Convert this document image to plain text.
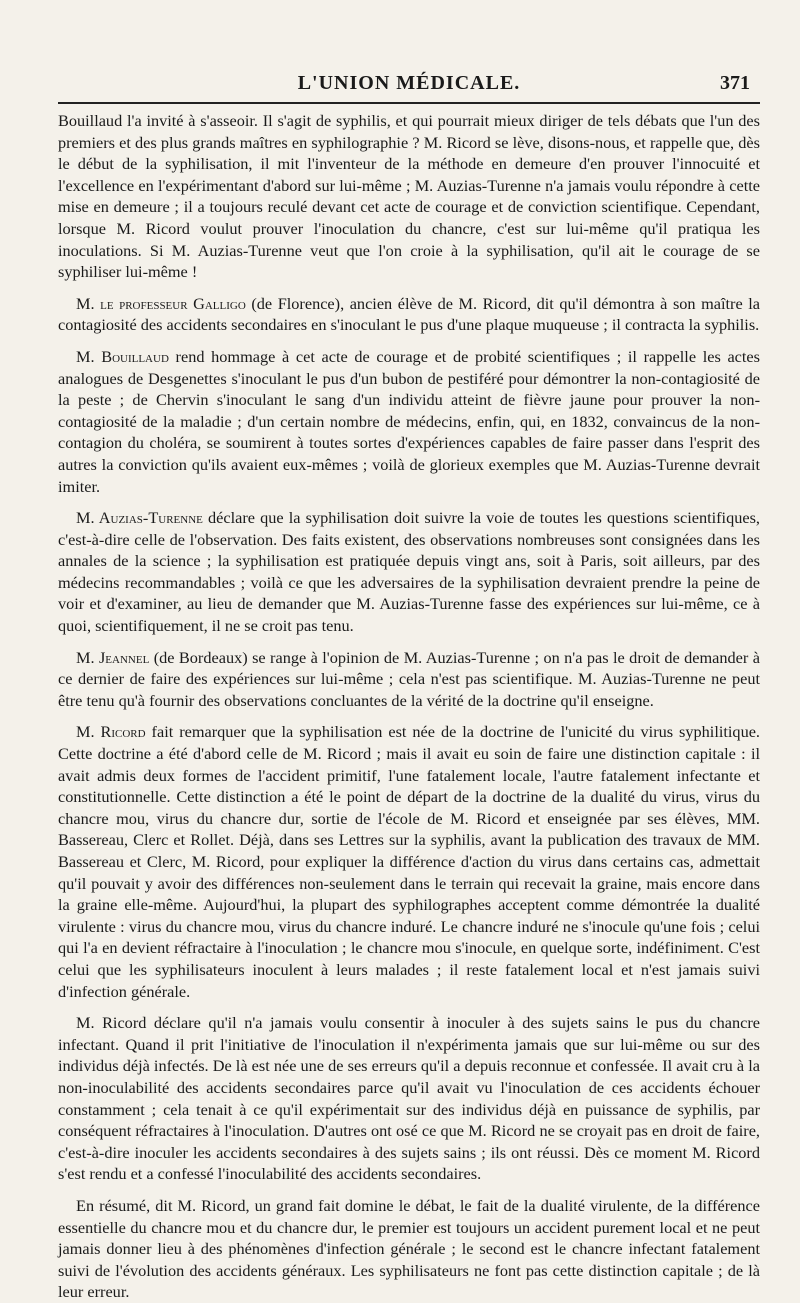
L'UNION MÉDICALE.	371

Bouillaud l'a invité à s'asseoir. Il s'agit de syphilis, et qui pourrait mieux diriger de tels débats que l'un des premiers et des plus grands maîtres en syphilographie ? M. Ricord se lève, disons-nous, et rappelle que, dès le début de la syphilisation, il mit l'inventeur de la méthode en demeure d'en prouver l'innocuité et l'excellence en l'expérimentant d'abord sur lui-même ; M. Auzias-Turenne n'a jamais voulu répondre à cette mise en demeure ; il a toujours reculé devant cet acte de courage et de conviction scientifique. Cependant, lorsque M. Ricord voulut prouver l'inoculation du chancre, c'est sur lui-même qu'il pratiqua les inoculations. Si M. Auzias-Turenne veut que l'on croie à la syphilisation, qu'il ait le courage de se syphiliser lui-même !

M. le professeur Galligo (de Florence), ancien élève de M. Ricord, dit qu'il démontra à son maître la contagiosité des accidents secondaires en s'inoculant le pus d'une plaque muqueuse ; il contracta la syphilis.

M. Bouillaud rend hommage à cet acte de courage et de probité scientifiques ; il rappelle les actes analogues de Desgenettes s'inoculant le pus d'un bubon de pestiféré pour démontrer la non-contagiosité de la peste ; de Chervin s'inoculant le sang d'un individu atteint de fièvre jaune pour prouver la non-contagiosité de la maladie ; d'un certain nombre de médecins, enfin, qui, en 1832, convaincus de la non-contagion du choléra, se soumirent à toutes sortes d'expériences capables de faire passer dans l'esprit des autres la conviction qu'ils avaient eux-mêmes ; voilà de glorieux exemples que M. Auzias-Turenne devrait imiter.

M. Auzias-Turenne déclare que la syphilisation doit suivre la voie de toutes les questions scientifiques, c'est-à-dire celle de l'observation. Des faits existent, des observations nombreuses sont consignées dans les annales de la science ; la syphilisation est pratiquée depuis vingt ans, soit à Paris, soit ailleurs, par des médecins recommandables ; voilà ce que les adversaires de la syphilisation devraient prendre la peine de voir et d'examiner, au lieu de demander que M. Auzias-Turenne fasse des expériences sur lui-même, ce à quoi, scientifiquement, il ne se croit pas tenu.

M. Jeannel (de Bordeaux) se range à l'opinion de M. Auzias-Turenne ; on n'a pas le droit de demander à ce dernier de faire des expériences sur lui-même ; cela n'est pas scientifique. M. Auzias-Turenne ne peut être tenu qu'à fournir des observations concluantes de la vérité de la doctrine qu'il enseigne.

M. Ricord fait remarquer que la syphilisation est née de la doctrine de l'unicité du virus syphilitique. Cette doctrine a été d'abord celle de M. Ricord ; mais il avait eu soin de faire une distinction capitale : il avait admis deux formes de l'accident primitif, l'une fatalement locale, l'autre fatalement infectante et constitutionnelle. Cette distinction a été le point de départ de la doctrine de la dualité du virus, virus du chancre mou, virus du chancre dur, sortie de l'école de M. Ricord et enseignée par ses élèves, MM. Bassereau, Clerc et Rollet. Déjà, dans ses Lettres sur la syphilis, avant la publication des travaux de MM. Bassereau et Clerc, M. Ricord, pour expliquer la différence d'action du virus dans certains cas, admettait qu'il pouvait y avoir des différences non-seulement dans le terrain qui recevait la graine, mais encore dans la graine elle-même. Aujourd'hui, la plupart des syphilographes acceptent comme démontrée la dualité virulente : virus du chancre mou, virus du chancre induré. Le chancre induré ne s'inocule qu'une fois ; celui qui l'a en devient réfractaire à l'inoculation ; le chancre mou s'inocule, en quelque sorte, indéfiniment. C'est celui que les syphilisateurs inoculent à leurs malades ; il reste fatalement local et n'est jamais suivi d'infection générale.

M. Ricord déclare qu'il n'a jamais voulu consentir à inoculer à des sujets sains le pus du chancre infectant. Quand il prit l'initiative de l'inoculation il n'expérimenta jamais que sur lui-même ou sur des individus déjà infectés. De là est née une de ses erreurs qu'il a depuis reconnue et confessée. Il avait cru à la non-inoculabilité des accidents secondaires parce qu'il avait vu l'inoculation de ces accidents échouer constamment ; cela tenait à ce qu'il expérimentait sur des individus déjà en puissance de syphilis, par conséquent réfractaires à l'inoculation. D'autres ont osé ce que M. Ricord ne se croyait pas en droit de faire, c'est-à-dire inoculer les accidents secondaires à des sujets sains ; ils ont réussi. Dès ce moment M. Ricord s'est rendu et a confessé l'inoculabilité des accidents secondaires.

En résumé, dit M. Ricord, un grand fait domine le débat, le fait de la dualité virulente, de la différence essentielle du chancre mou et du chancre dur, le premier est toujours un accident purement local et ne peut jamais donner lieu à des phénomènes d'infection générale ; le second est le chancre infectant fatalement suivi de l'évolution des accidents généraux. Les syphilisateurs ne font pas cette distinction capitale ; de là leur erreur.
